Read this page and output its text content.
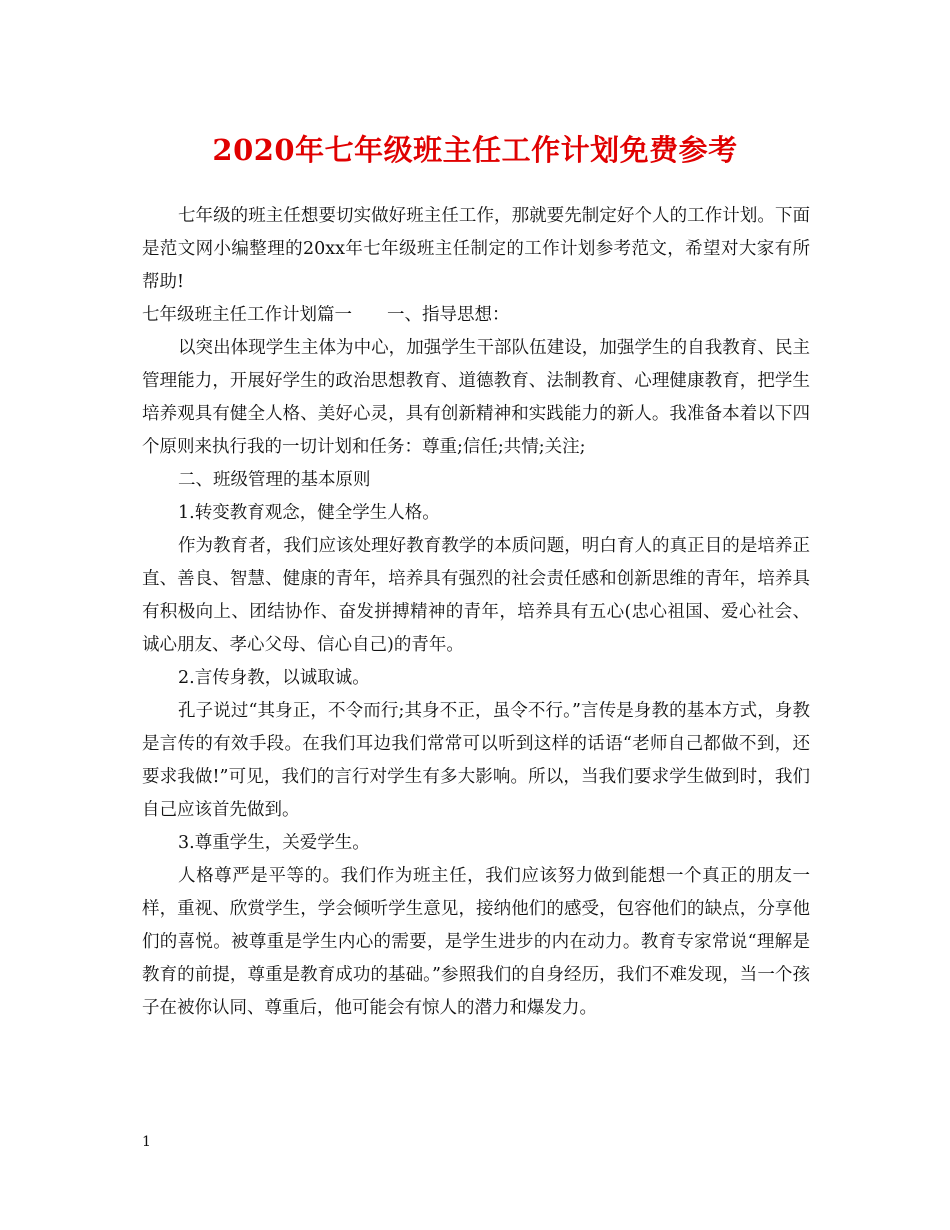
2020年七年级班主任工作计划免费参考

七年级的班主任想要切实做好班主任工作，那就要先制定好个人的工作计划。下面是范文网小编整理的20xx年七年级班主任制定的工作计划参考范文，希望对大家有所帮助!

七年级班主任工作计划篇一　　一、指导思想：

以突出体现学生主体为中心，加强学生干部队伍建设，加强学生的自我教育、民主管理能力，开展好学生的政治思想教育、道德教育、法制教育、心理健康教育，把学生培养观具有健全人格、美好心灵，具有创新精神和实践能力的新人。我准备本着以下四个原则来执行我的一切计划和任务：尊重;信任;共情;关注;

二、班级管理的基本原则

1.转变教育观念，健全学生人格。

作为教育者，我们应该处理好教育教学的本质问题，明白育人的真正目的是培养正直、善良、智慧、健康的青年，培养具有强烈的社会责任感和创新思维的青年，培养具有积极向上、团结协作、奋发拼搏精神的青年，培养具有五心(忠心祖国、爱心社会、诚心朋友、孝心父母、信心自己)的青年。

2.言传身教，以诚取诚。

孔子说过“其身正，不令而行;其身不正，虽令不行。”言传是身教的基本方式，身教是言传的有效手段。在我们耳边我们常常可以听到这样的话语“老师自己都做不到，还要求我做!”可见，我们的言行对学生有多大影响。所以，当我们要求学生做到时，我们自己应该首先做到。

3.尊重学生，关爱学生。

人格尊严是平等的。我们作为班主任，我们应该努力做到能想一个真正的朋友一样，重视、欣赏学生，学会倾听学生意见，接纳他们的感受，包容他们的缺点，分享他们的喜悦。被尊重是学生内心的需要，是学生进步的内在动力。教育专家常说“理解是教育的前提，尊重是教育成功的基础。”参照我们的自身经历，我们不难发现，当一个孩子在被你认同、尊重后，他可能会有惊人的潜力和爆发力。

1
